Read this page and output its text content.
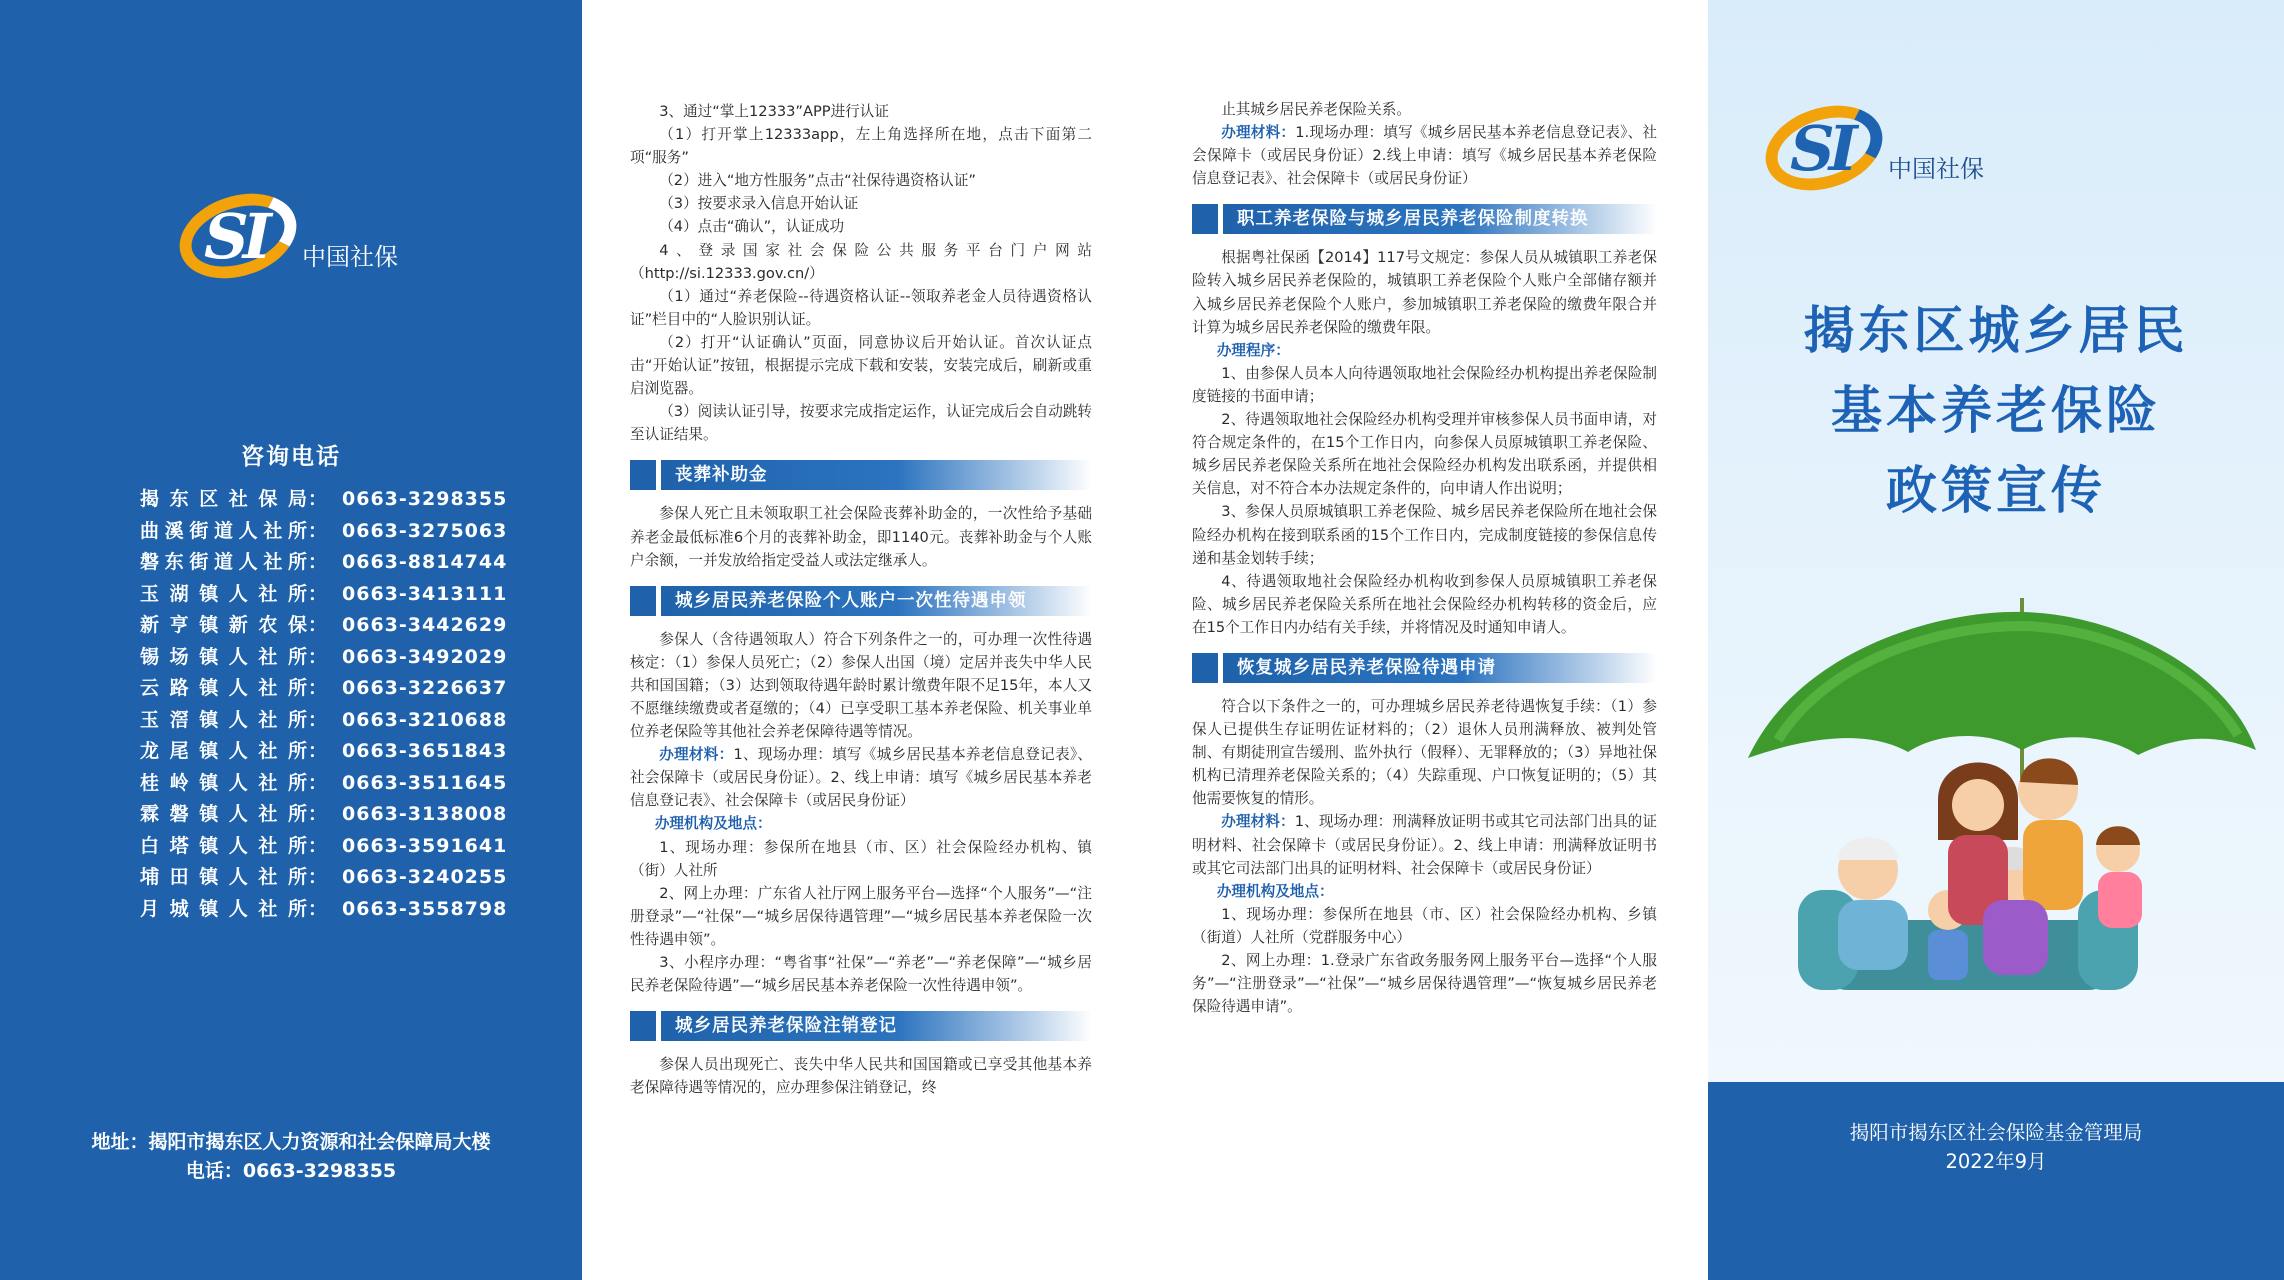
SI 中国社保
咨询电话
揭东区社保局： 0663-3298355
曲溪街道人社所： 0663-3275063
磐东街道人社所： 0663-8814744
玉湖镇人社所： 0663-3413111
新亨镇新农保： 0663-3442629
锡场镇人社所： 0663-3492029
云路镇人社所： 0663-3226637
玉滘镇人社所： 0663-3210688
龙尾镇人社所： 0663-3651843
桂岭镇人社所： 0663-3511645
霖磐镇人社所： 0663-3138008
白塔镇人社所： 0663-3591641
埔田镇人社所： 0663-3240255
月城镇人社所： 0663-3558798
地址：揭阳市揭东区人力资源和社会保障局大楼
电话：0663-3298355

3、通过“掌上12333”APP进行认证

（1）打开掌上12333app，左上角选择所在地，点击下面第二项“服务”

（2）进入“地方性服务”点击“社保待遇资格认证”

（3）按要求录入信息开始认证

（4）点击“确认”，认证成功

4、登录国家社会保险公共服务平台门户网站（http://si.12333.gov.cn/）

（1）通过“养老保险--待遇资格认证--领取养老金人员待遇资格认证”栏目中的“人脸识别认证。

（2）打开“认证确认”页面，同意协议后开始认证。首次认证点击“开始认证”按钮，根据提示完成下载和安装，安装完成后，刷新或重启浏览器。

（3）阅读认证引导，按要求完成指定运作，认证完成后会自动跳转至认证结果。

丧葬补助金

参保人死亡且未领取职工社会保险丧葬补助金的，一次性给予基础养老金最低标准6个月的丧葬补助金，即1140元。丧葬补助金与个人账户余额，一并发放给指定受益人或法定继承人。

城乡居民养老保险个人账户一次性待遇申领

参保人（含待遇领取人）符合下列条件之一的，可办理一次性待遇核定：（1）参保人员死亡；（2）参保人出国（境）定居并丧失中华人民共和国国籍；（3）达到领取待遇年龄时累计缴费年限不足15年，本人又不愿继续缴费或者趸缴的；（4）已享受职工基本养老保险、机关事业单位养老保险等其他社会养老保障待遇等情况。

办理材料：1、现场办理：填写《城乡居民基本养老信息登记表》、社会保障卡（或居民身份证）。2、线上申请：填写《城乡居民基本养老信息登记表》、社会保障卡（或居民身份证）

办理机构及地点：

1、现场办理：参保所在地县（市、区）社会保险经办机构、镇（街）人社所

2、网上办理：广东省人社厅网上服务平台—选择“个人服务”—“注册登录”—“社保”—“城乡居保待遇管理”—“城乡居民基本养老保险一次性待遇申领”。

3、小程序办理：“粤省事“社保”—“养老”—“养老保障”—“城乡居民养老保险待遇”—“城乡居民基本养老保险一次性待遇申领”。

城乡居民养老保险注销登记

参保人员出现死亡、丧失中华人民共和国国籍或已享受其他基本养老保障待遇等情况的，应办理参保注销登记，终

止其城乡居民养老保险关系。

办理材料：1.现场办理：填写《城乡居民基本养老信息登记表》、社会保障卡（或居民身份证）2.线上申请：填写《城乡居民基本养老保险信息登记表》、社会保障卡（或居民身份证）

职工养老保险与城乡居民养老保险制度转换

根据粤社保函【2014】117号文规定：参保人员从城镇职工养老保险转入城乡居民养老保险的，城镇职工养老保险个人账户全部储存额并入城乡居民养老保险个人账户，参加城镇职工养老保险的缴费年限合并计算为城乡居民养老保险的缴费年限。

办理程序：

1、由参保人员本人向待遇领取地社会保险经办机构提出养老保险制度链接的书面申请；

2、待遇领取地社会保险经办机构受理并审核参保人员书面申请，对符合规定条件的，在15个工作日内，向参保人员原城镇职工养老保险、城乡居民养老保险关系所在地社会保险经办机构发出联系函，并提供相关信息，对不符合本办法规定条件的，向申请人作出说明；

3、参保人员原城镇职工养老保险、城乡居民养老保险所在地社会保险经办机构在接到联系函的15个工作日内，完成制度链接的参保信息传递和基金划转手续；

4、待遇领取地社会保险经办机构收到参保人员原城镇职工养老保险、城乡居民养老保险关系所在地社会保险经办机构转移的资金后，应在15个工作日内办结有关手续，并将情况及时通知申请人。

恢复城乡居民养老保险待遇申请

符合以下条件之一的，可办理城乡居民养老待遇恢复手续：（1）参保人已提供生存证明佐证材料的；（2）退休人员刑满释放、被判处管制、有期徒刑宣告缓刑、监外执行（假释）、无罪释放的；（3）异地社保机构已清理养老保险关系的；（4）失踪重现、户口恢复证明的；（5）其他需要恢复的情形。

办理材料：1、现场办理：刑满释放证明书或其它司法部门出具的证明材料、社会保障卡（或居民身份证）。2、线上申请：刑满释放证明书或其它司法部门出具的证明材料、社会保障卡（或居民身份证）

办理机构及地点：

1、现场办理：参保所在地县（市、区）社会保险经办机构、乡镇（街道）人社所（党群服务中心）

2、网上办理：1.登录广东省政务服务网上服务平台—选择“个人服务”—“注册登录”—“社保”—“城乡居保待遇管理”—“恢复城乡居民养老保险待遇申请”。

SI 中国社保
揭东区城乡居民
基本养老保险
政策宣传
揭阳市揭东区社会保险基金管理局
2022年9月
